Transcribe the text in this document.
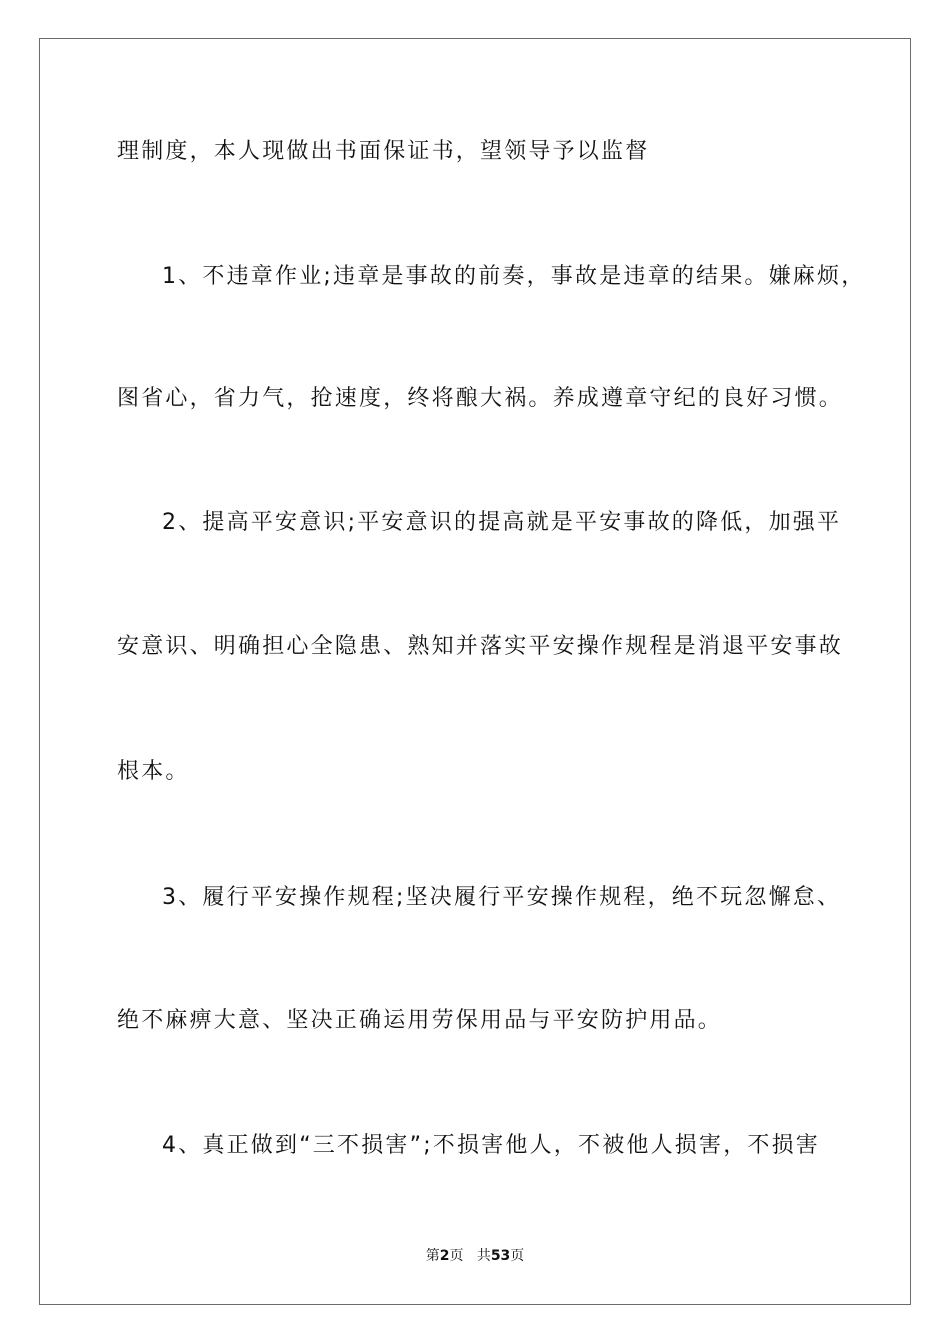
理制度，本人现做出书面保证书，望领导予以监督

1、不违章作业;违章是事故的前奏，事故是违章的结果。嫌麻烦，

图省心，省力气，抢速度，终将酿大祸。养成遵章守纪的良好习惯。

2、提高平安意识;平安意识的提高就是平安事故的降低，加强平

安意识、明确担心全隐患、熟知并落实平安操作规程是消退平安事故

根本。

3、履行平安操作规程;坚决履行平安操作规程，绝不玩忽懈怠、

绝不麻痹大意、坚决正确运用劳保用品与平安防护用品。

4、真正做到“三不损害”;不损害他人，不被他人损害，不损害

第2页 共53页
